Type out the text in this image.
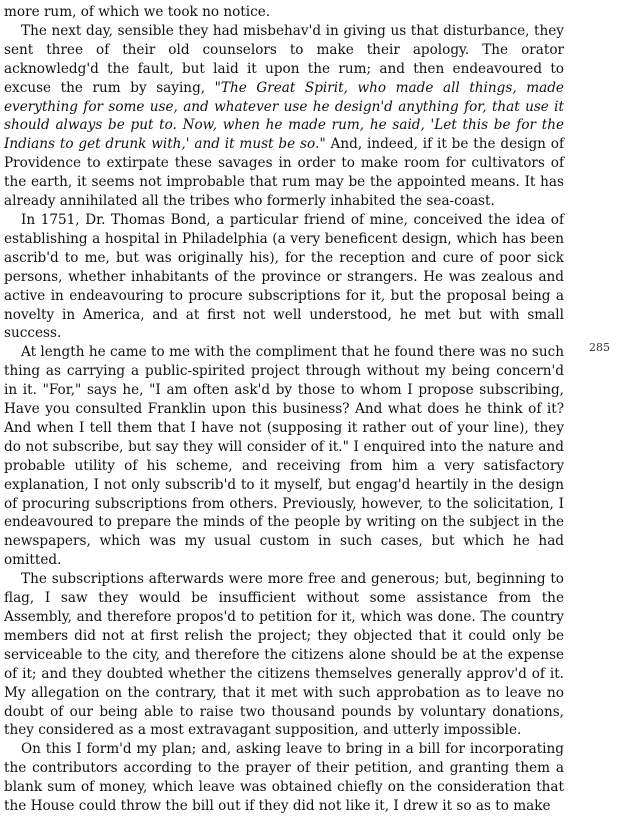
more rum, of which we took no notice.

The next day, sensible they had misbehav'd in giving us that disturbance, they sent three of their old counselors to make their apology. The orator acknowledg'd the fault, but laid it upon the rum; and then endeavoured to excuse the rum by saying, "The Great Spirit, who made all things, made everything for some use, and whatever use he design'd anything for, that use it should always be put to. Now, when he made rum, he said, 'Let this be for the Indians to get drunk with,' and it must be so." And, indeed, if it be the design of Providence to extirpate these savages in order to make room for cultivators of the earth, it seems not improbable that rum may be the appointed means. It has already annihilated all the tribes who formerly inhabited the sea-coast.

In 1751, Dr. Thomas Bond, a particular friend of mine, conceived the idea of establishing a hospital in Philadelphia (a very beneficent design, which has been ascrib'd to me, but was originally his), for the reception and cure of poor sick persons, whether inhabitants of the province or strangers. He was zealous and active in endeavouring to procure subscriptions for it, but the proposal being a novelty in America, and at first not well understood, he met but with small success.

At length he came to me with the compliment that he found there was no such thing as carrying a public-spirited project through without my being concern'd in it. "For," says he, "I am often ask'd by those to whom I propose subscribing, Have you consulted Franklin upon this business? And what does he think of it? And when I tell them that I have not (supposing it rather out of your line), they do not subscribe, but say they will consider of it." I enquired into the nature and probable utility of his scheme, and receiving from him a very satisfactory explanation, I not only subscrib'd to it myself, but engag'd heartily in the design of procuring subscriptions from others. Previously, however, to the solicitation, I endeavoured to prepare the minds of the people by writing on the subject in the newspapers, which was my usual custom in such cases, but which he had omitted.

The subscriptions afterwards were more free and generous; but, beginning to flag, I saw they would be insufficient without some assistance from the Assembly, and therefore propos'd to petition for it, which was done. The country members did not at first relish the project; they objected that it could only be serviceable to the city, and therefore the citizens alone should be at the expense of it; and they doubted whether the citizens themselves generally approv'd of it. My allegation on the contrary, that it met with such approbation as to leave no doubt of our being able to raise two thousand pounds by voluntary donations, they considered as a most extravagant supposition, and utterly impossible.

On this I form'd my plan; and, asking leave to bring in a bill for incorporating the contributors according to the prayer of their petition, and granting them a blank sum of money, which leave was obtained chiefly on the consideration that the House could throw the bill out if they did not like it, I drew it so as to make

285
